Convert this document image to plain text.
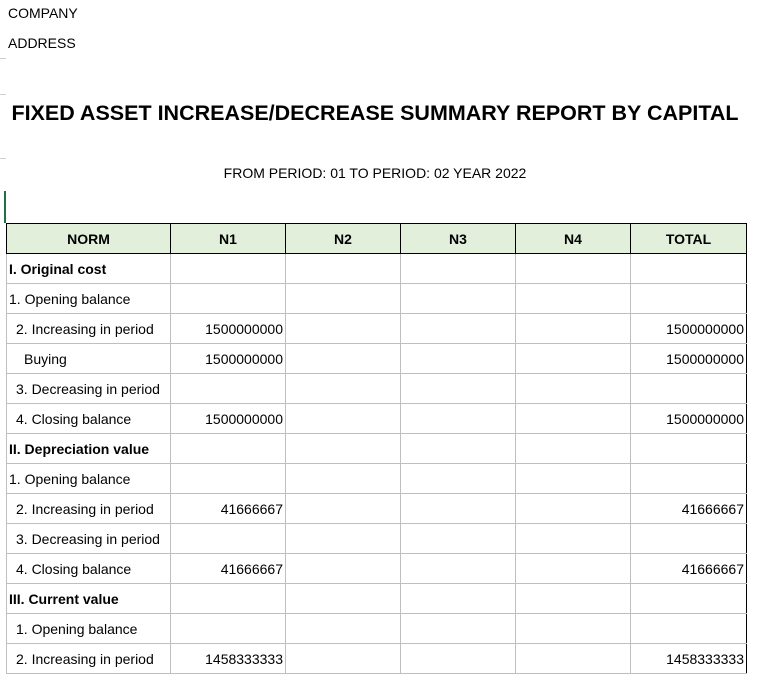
COMPANY
ADDRESS
FIXED ASSET INCREASE/DECREASE SUMMARY REPORT BY CAPITAL
FROM PERIOD: 01 TO PERIOD: 02 YEAR 2022
NORM	N1	N2	N3	N4	TOTAL
I. Original cost					
1. Opening balance					
2. Increasing in period	1500000000				1500000000
Buying	1500000000				1500000000
3. Decreasing in period					
4. Closing balance	1500000000				1500000000
II. Depreciation value					
1. Opening balance					
2. Increasing in period	41666667				41666667
3. Decreasing in period					
4. Closing balance	41666667				41666667
III. Current value					
1. Opening balance					
2. Increasing in period	1458333333				1458333333
